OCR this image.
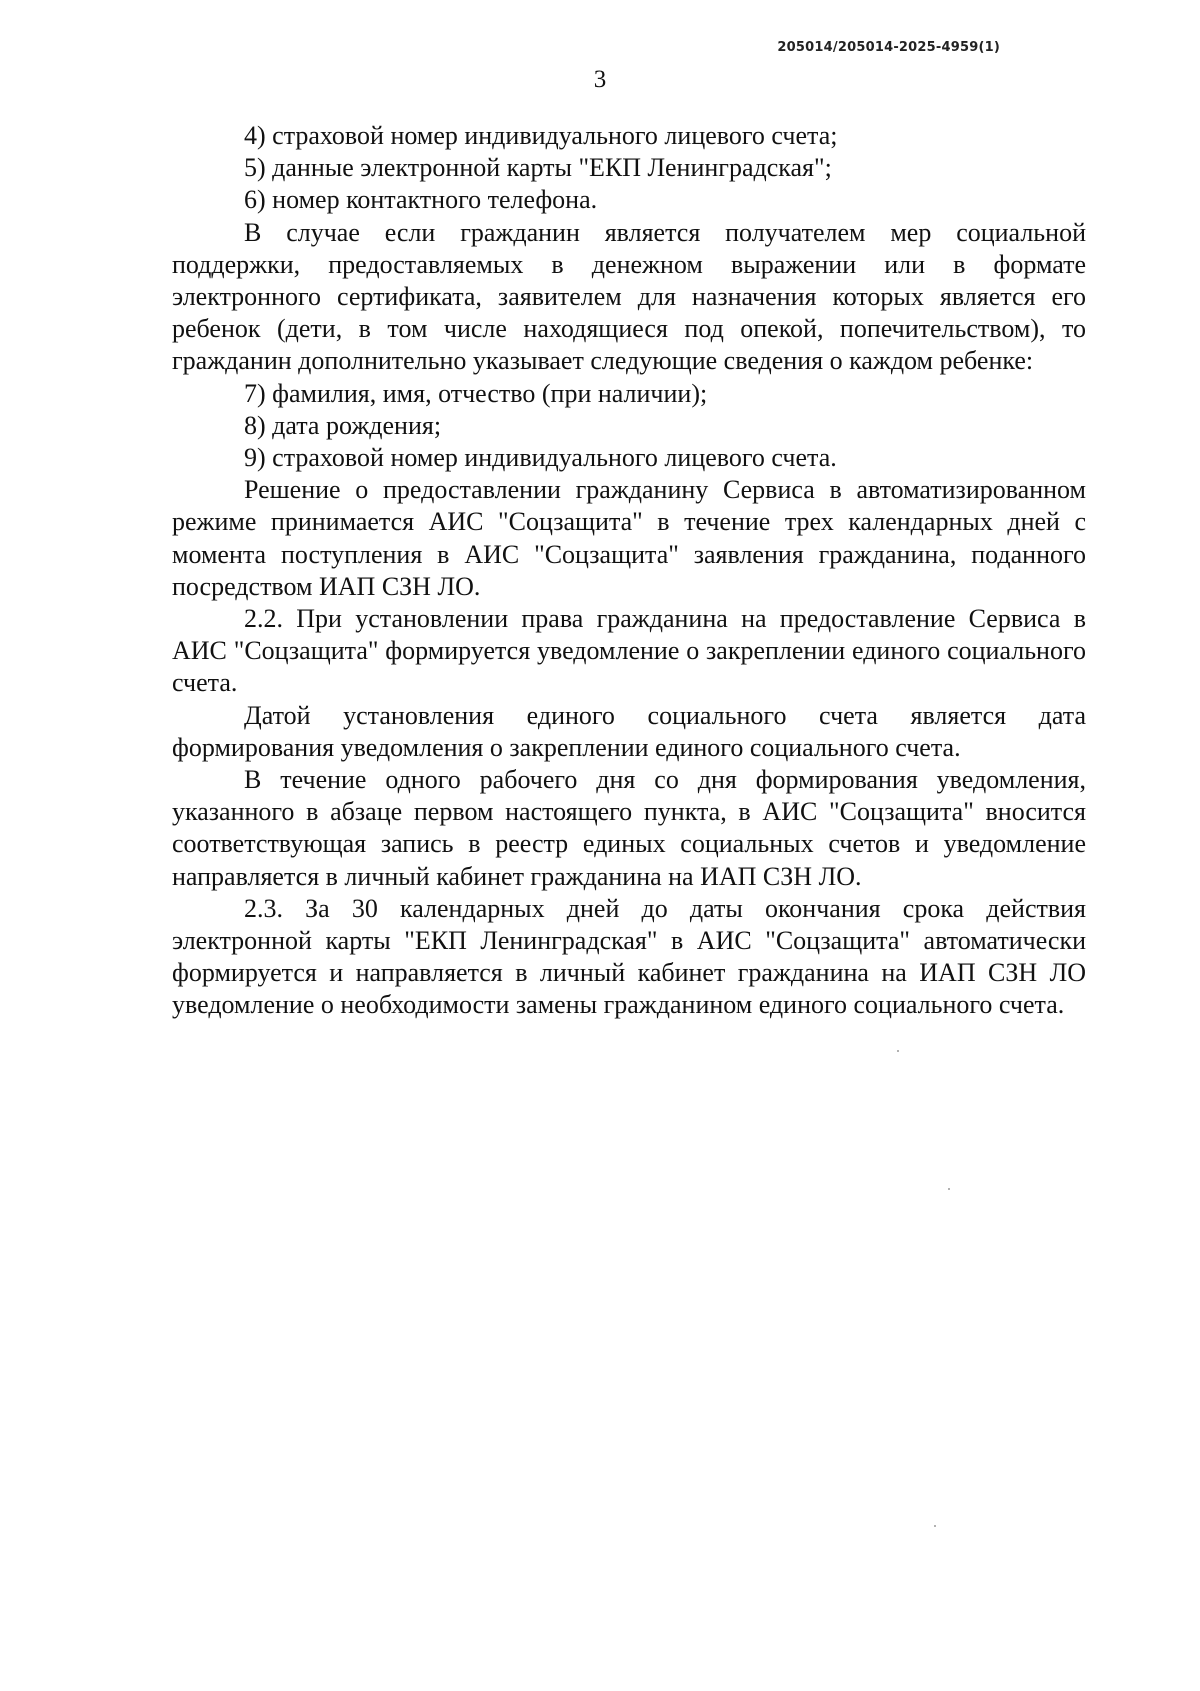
205014/205014-2025-4959(1)
3

4) страховой номер индивидуального лицевого счета;

5) данные электронной карты "ЕКП Ленинградская";

6) номер контактного телефона.

В случае если гражданин является получателем мер социальной поддержки, предоставляемых в денежном выражении или в формате электронного сертификата, заявителем для назначения которых является его ребенок (дети, в том числе находящиеся под опекой, попечительством), то гражданин дополнительно указывает следующие сведения о каждом ребенке:

7) фамилия, имя, отчество (при наличии);

8) дата рождения;

9) страховой номер индивидуального лицевого счета.

Решение о предоставлении гражданину Сервиса в автоматизированном режиме принимается АИС "Соцзащита" в течение трех календарных дней с момента поступления в АИС "Соцзащита" заявления гражданина, поданного посредством ИАП СЗН ЛО.

2.2. При установлении права гражданина на предоставление Сервиса в АИС "Соцзащита" формируется уведомление о закреплении единого социального счета.

Датой установления единого социального счета является дата формирования уведомления о закреплении единого социального счета.

В течение одного рабочего дня со дня формирования уведомления, указанного в абзаце первом настоящего пункта, в АИС "Соцзащита" вносится соответствующая запись в реестр единых социальных счетов и уведомление направляется в личный кабинет гражданина на ИАП СЗН ЛО.

2.3. За 30 календарных дней до даты окончания срока действия электронной карты "ЕКП Ленинградская" в АИС "Соцзащита" автоматически формируется и направляется в личный кабинет гражданина на ИАП СЗН ЛО уведомление о необходимости замены гражданином единого социального счета.
